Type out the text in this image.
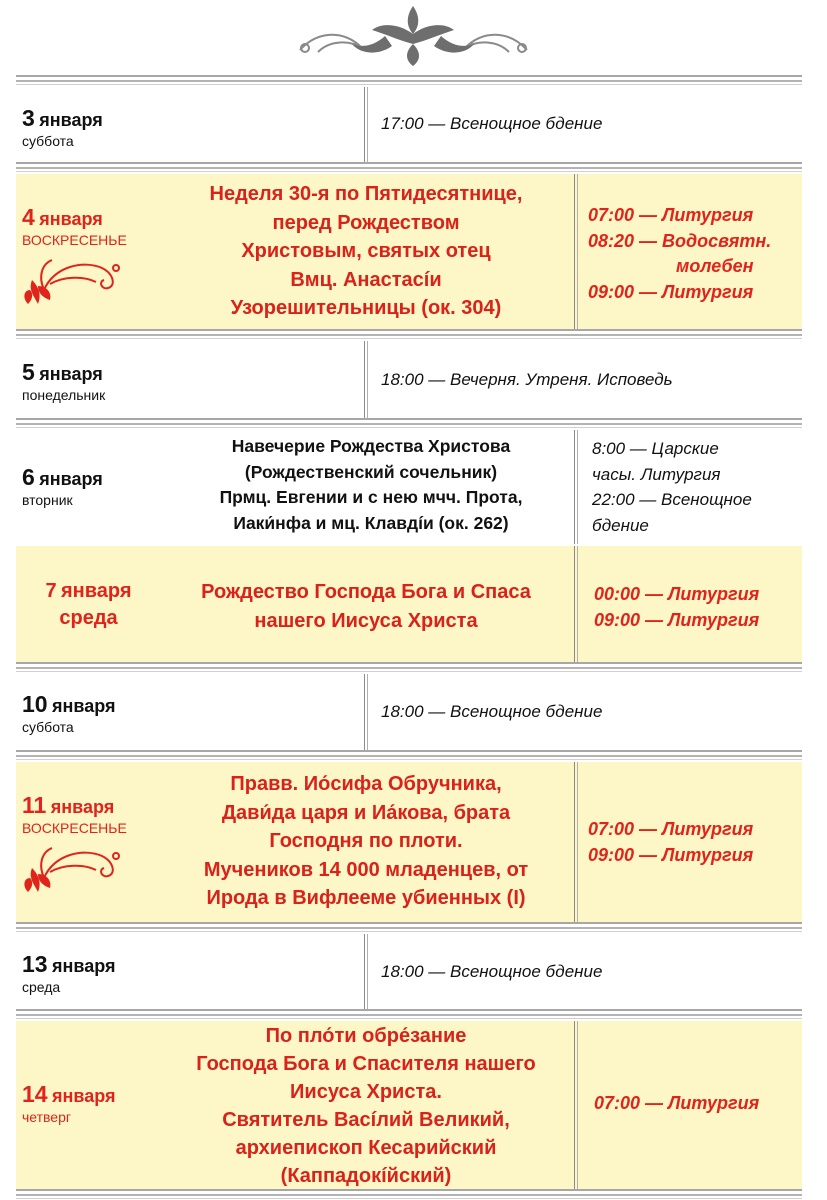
3 января
суббота
17:00 — Всенощное бдение
4 января
ВОСКРЕСЕНЬЕ
Неделя 30-я по Пятидесятнице,
перед Рождеством
Христовым, святых отец
Вмц. Анастасíи
Узорешительницы (ок. 304)
07:00 — Литургия
08:20 — Водосвятн.
молебен
09:00 — Литургия
5 января
понедельник
18:00 — Вечерня. Утреня. Исповедь
6 января
вторник
Навечерие Рождества Христова
(Рождественский сочельник)
Прмц. Евгении и с нею мчч. Прота,
Иаки́нфа и мц. Клавдíи (ок. 262)
8:00 — Царские
часы. Литургия
22:00 — Всенощное
бдение
7 января
среда
Рождество Господа Бога и Спаса
нашего Иисуса Христа
00:00 — Литургия
09:00 — Литургия
10 января
суббота
18:00 — Всенощное бдение
11 января
ВОСКРЕСЕНЬЕ
Правв. Ио́сифа Обручника,
Дави́да царя и Иа́кова, брата
Господня по плоти.
Мучеников 14 000 младенцев, от
Ирода в Вифлееме убиенных (I)
07:00 — Литургия
09:00 — Литургия
13 января
среда
18:00 — Всенощное бдение
14 января
четверг
По пло́ти обре́зание
Господа Бога и Спасителя нашего
Иисуса Христа.
Святитель Васíлий Великий,
архиепископ Кесарийский
(Каппадокíйский)
07:00 — Литургия
